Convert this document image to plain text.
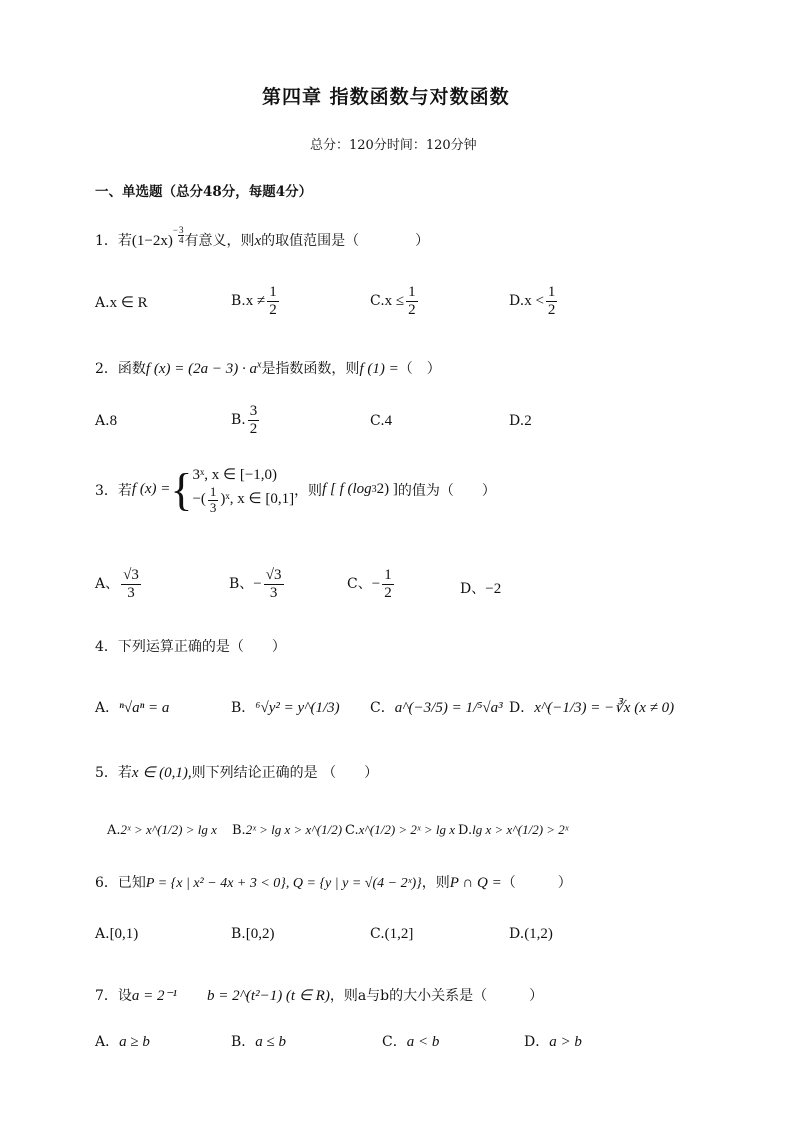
第四章 指数函数与对数函数
总分：120分时间：120分钟
一、单选题（总分48分，每题4分）
1．若(1−2x)
− $\frac{3}{4}$ 有意义，则x的取值范围是（　　　　）
A.x ∈ R	$B.x \ne \frac{1}{2}$	$C.x \le \frac{1}{2}$	$D.x < \frac{1}{2}$
2．函数f $(x) = (2a - 3) \cdot a^x$是指数函数，则f (1) =（　）
A.8	B. $\frac{3}{2}$	C.4	D.2
3．若 f (x) = { 3ˣ, x ∈ [−1,0)
−( $\frac{1}{3}$ )ˣ, x ∈ [0,1]
，则 f [ f (log 3 2) ] 的值为（　　）
A、 $\frac{√3}{3}$	B、− $\frac{√3}{3}$	C、− $\frac{1}{2}$	D、−2
4．下列运算正确的是（　　）
A．ⁿ√aⁿ = a	B．⁶√y² = y^(1/3) C．a^(−3/5) = 1/⁵√a³ D．x^(−1/3) = −∛x (x ≠ 0)
5．若x ∈ (0,1),则下列结论正确的是 （　　）
A.2ˣ > x^(1/2) > lg x B.2ˣ > lg x > x^(1/2) C.x^(1/2) > 2ˣ > lg x D.lg x > x^(1/2) > 2ˣ
6．已知P = {x | x² − 4x + 3 < 0}, Q = {y | y = √(4 − 2ˣ)}，则P ∩ Q =（　　　）
A.[0,1)	B.[0,2)	C.(1,2]	D.(1,2)
7．设a = 2⁻¹　　b = 2^(t²−1) (t ∈ R)，则a与b的大小关系是（　　　）
A．a ≥ b	B．a ≤ b	C．a < b	D．a > b
